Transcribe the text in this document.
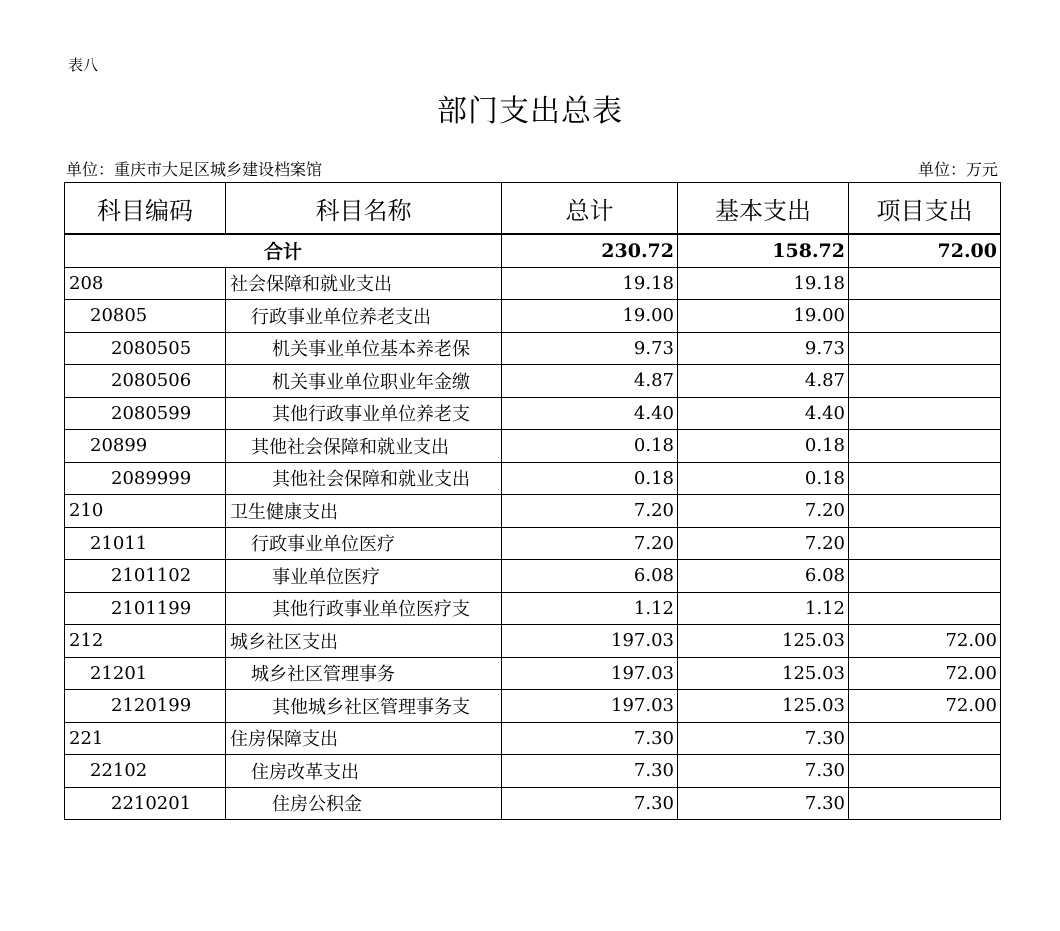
表八
部门支出总表
单位：重庆市大足区城乡建设档案馆	单位：万元
科目编码	科目名称	总计	基本支出	项目支出
合计		230.72	158.72	72.00
208	社会保障和就业支出	19.18	19.18	
20805	行政事业单位养老支出	19.00	19.00	
2080505	机关事业单位基本养老保	9.73	9.73	
2080506	机关事业单位职业年金缴	4.87	4.87	
2080599	其他行政事业单位养老支	4.40	4.40	
20899	其他社会保障和就业支出	0.18	0.18	
2089999	其他社会保障和就业支出	0.18	0.18	
210	卫生健康支出	7.20	7.20	
21011	行政事业单位医疗	7.20	7.20	
2101102	事业单位医疗	6.08	6.08	
2101199	其他行政事业单位医疗支	1.12	1.12	
212	城乡社区支出	197.03	125.03	72.00
21201	城乡社区管理事务	197.03	125.03	72.00
2120199	其他城乡社区管理事务支	197.03	125.03	72.00
221	住房保障支出	7.30	7.30	
22102	住房改革支出	7.30	7.30	
2210201	住房公积金	7.30	7.30	
